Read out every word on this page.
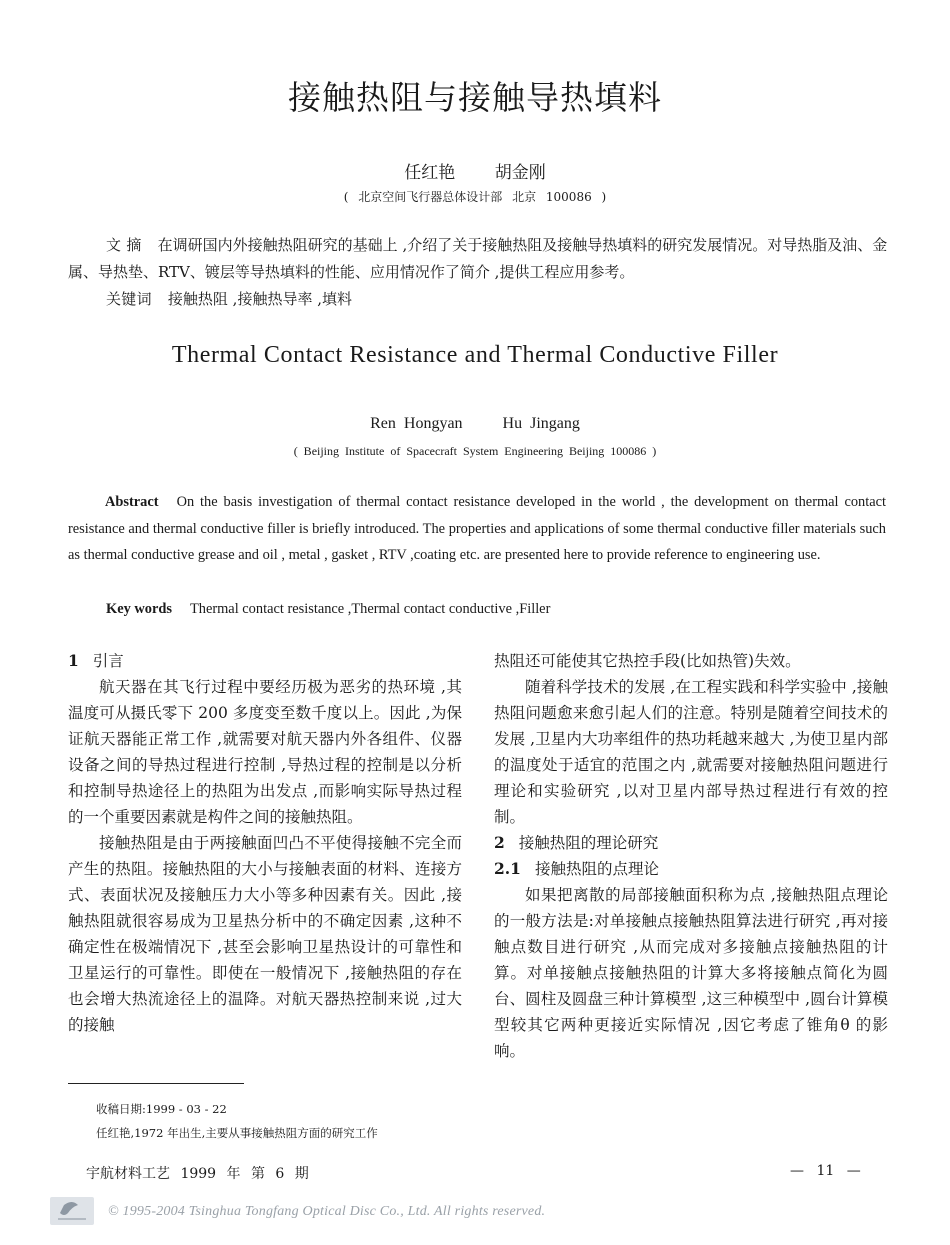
接触热阻与接触导热填料
任红艳 胡金刚
( 北京空间飞行器总体设计部 北京 100086 )
文 摘 在调研国内外接触热阻研究的基础上 ,介绍了关于接触热阻及接触导热填料的研究发展情况。对导热脂及油、金属、导热垫、RTV、镀层等导热填料的性能、应用情况作了简介 ,提供工程应用参考。
关键词 接触热阻 ,接触热导率 ,填料
Thermal Contact Resistance and Thermal Conductive Filler
Ren Hongyan	Hu Jingang
( Beijing Institute of Spacecraft System Engineering Beijing 100086 )
Abstract On the basis investigation of thermal contact resistance developed in the world , the development on thermal contact resistance and thermal conductive filler is briefly introduced. The properties and applications of some thermal conductive filler materials such as thermal conductive grease and oil , metal , gasket , RTV ,coating etc. are presented here to provide reference to engineering use.
Key words Thermal contact resistance ,Thermal contact conductive ,Filler

1 引言

航天器在其飞行过程中要经历极为恶劣的热环境 ,其温度可从摄氏零下 200 多度变至数千度以上。因此 ,为保证航天器能正常工作 ,就需要对航天器内外各组件、仪器设备之间的导热过程进行控制 ,导热过程的控制是以分析和控制导热途径上的热阻为出发点 ,而影响实际导热过程的一个重要因素就是构件之间的接触热阻。

接触热阻是由于两接触面凹凸不平使得接触不完全而产生的热阻。接触热阻的大小与接触表面的材料、连接方式、表面状况及接触压力大小等多种因素有关。因此 ,接触热阻就很容易成为卫星热分析中的不确定因素 ,这种不确定性在极端情况下 ,甚至会影响卫星热设计的可靠性和卫星运行的可靠性。即使在一般情况下 ,接触热阻的存在也会增大热流途径上的温降。对航天器热控制来说 ,过大的接触

热阻还可能使其它热控手段(比如热管)失效。

随着科学技术的发展 ,在工程实践和科学实验中 ,接触热阻问题愈来愈引起人们的注意。特别是随着空间技术的发展 ,卫星内大功率组件的热功耗越来越大 ,为使卫星内部的温度处于适宜的范围之内 ,就需要对接触热阻问题进行理论和实验研究 ,以对卫星内部导热过程进行有效的控制。

2 接触热阻的理论研究

2.1 接触热阻的点理论

如果把离散的局部接触面积称为点 ,接触热阻点理论的一般方法是:对单接触点接触热阻算法进行研究 ,再对接触点数目进行研究 ,从而完成对多接触点接触热阻的计算。对单接触点接触热阻的计算大多将接触点简化为圆台、圆柱及圆盘三种计算模型 ,这三种模型中 ,圆台计算模型较其它两种更接近实际情况 ,因它考虑了锥角θ 的影响。

收稿日期:1999 - 03 - 22
任红艳,1972 年出生,主要从事接触热阻方面的研究工作
宇航材料工艺 1999 年 第 6 期	— 11 —
© 1995-2004 Tsinghua Tongfang Optical Disc Co., Ltd. All rights reserved.
